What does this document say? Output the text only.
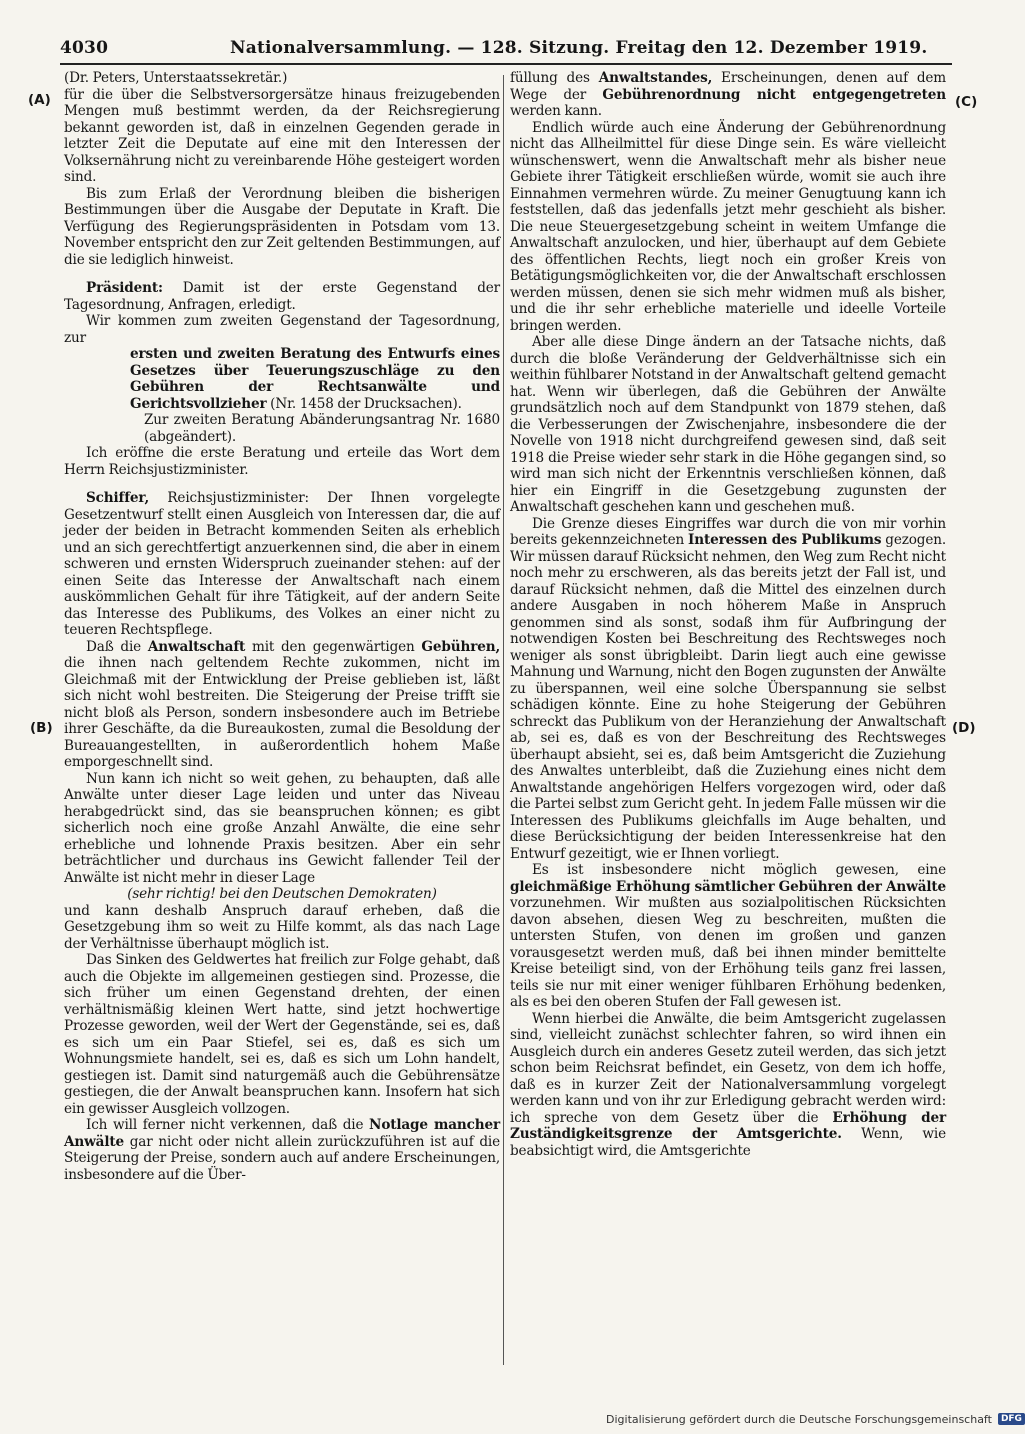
4030	Nationalversammlung. — 128. Sitzung. Freitag den 12. Dezember 1919.
(A)
(B)
(C)
(D)

(Dr. Peters, Unterstaatssekretär.)

für die über die Selbstversorgersätze hinaus freizugebenden Mengen muß bestimmt werden, da der Reichsregierung bekannt geworden ist, daß in einzelnen Gegenden gerade in letzter Zeit die Deputate auf eine mit den Interessen der Volksernährung nicht zu vereinbarende Höhe gesteigert worden sind.

Bis zum Erlaß der Verordnung bleiben die bisherigen Bestimmungen über die Ausgabe der Deputate in Kraft. Die Verfügung des Regierungspräsidenten in Potsdam vom 13. November entspricht den zur Zeit geltenden Bestimmungen, auf die sie lediglich hinweist.

Präsident: Damit ist der erste Gegenstand der Tagesordnung, Anfragen, erledigt.

Wir kommen zum zweiten Gegenstand der Tagesordnung, zur

ersten und zweiten Beratung des Entwurfs eines Gesetzes über Teuerungszuschläge zu den Gebühren der Rechtsanwälte und Gerichtsvollzieher (Nr. 1458 der Drucksachen).

Zur zweiten Beratung Abänderungsantrag Nr. 1680 (abgeändert).

Ich eröffne die erste Beratung und erteile das Wort dem Herrn Reichsjustizminister.

Schiffer, Reichsjustizminister: Der Ihnen vorgelegte Gesetzentwurf stellt einen Ausgleich von Interessen dar, die auf jeder der beiden in Betracht kommenden Seiten als erheblich und an sich gerechtfertigt anzuerkennen sind, die aber in einem schweren und ernsten Widerspruch zueinander stehen: auf der einen Seite das Interesse der Anwaltschaft nach einem auskömmlichen Gehalt für ihre Tätigkeit, auf der andern Seite das Interesse des Publikums, des Volkes an einer nicht zu teueren Rechtspflege.

Daß die Anwaltschaft mit den gegenwärtigen Gebühren, die ihnen nach geltendem Rechte zukommen, nicht im Gleichmaß mit der Entwicklung der Preise geblieben ist, läßt sich nicht wohl bestreiten. Die Steigerung der Preise trifft sie nicht bloß als Person, sondern insbesondere auch im Betriebe ihrer Geschäfte, da die Bureaukosten, zumal die Besoldung der Bureauangestellten, in außerordentlich hohem Maße emporgeschnellt sind.

Nun kann ich nicht so weit gehen, zu behaupten, daß alle Anwälte unter dieser Lage leiden und unter das Niveau herabgedrückt sind, das sie beanspruchen können; es gibt sicherlich noch eine große Anzahl Anwälte, die eine sehr erhebliche und lohnende Praxis besitzen. Aber ein sehr beträchtlicher und durchaus ins Gewicht fallender Teil der Anwälte ist nicht mehr in dieser Lage

(sehr richtig! bei den Deutschen Demokraten)

und kann deshalb Anspruch darauf erheben, daß die Gesetzgebung ihm so weit zu Hilfe kommt, als das nach Lage der Verhältnisse überhaupt möglich ist.

Das Sinken des Geldwertes hat freilich zur Folge gehabt, daß auch die Objekte im allgemeinen gestiegen sind. Prozesse, die sich früher um einen Gegenstand drehten, der einen verhältnismäßig kleinen Wert hatte, sind jetzt hochwertige Prozesse geworden, weil der Wert der Gegenstände, sei es, daß es sich um ein Paar Stiefel, sei es, daß es sich um Wohnungsmiete handelt, sei es, daß es sich um Lohn handelt, gestiegen ist. Damit sind naturgemäß auch die Gebührensätze gestiegen, die der Anwalt beanspruchen kann. Insofern hat sich ein gewisser Ausgleich vollzogen.

Ich will ferner nicht verkennen, daß die Notlage mancher Anwälte gar nicht oder nicht allein zurückzuführen ist auf die Steigerung der Preise, sondern auch auf andere Erscheinungen, insbesondere auf die Über-

füllung des Anwaltstandes, Erscheinungen, denen auf dem Wege der Gebührenordnung nicht entgegengetreten werden kann.

Endlich würde auch eine Änderung der Gebührenordnung nicht das Allheilmittel für diese Dinge sein. Es wäre vielleicht wünschenswert, wenn die Anwaltschaft mehr als bisher neue Gebiete ihrer Tätigkeit erschließen würde, womit sie auch ihre Einnahmen vermehren würde. Zu meiner Genugtuung kann ich feststellen, daß das jedenfalls jetzt mehr geschieht als bisher. Die neue Steuergesetzgebung scheint in weitem Umfange die Anwaltschaft anzulocken, und hier, überhaupt auf dem Gebiete des öffentlichen Rechts, liegt noch ein großer Kreis von Betätigungsmöglichkeiten vor, die der Anwaltschaft erschlossen werden müssen, denen sie sich mehr widmen muß als bisher, und die ihr sehr erhebliche materielle und ideelle Vorteile bringen werden.

Aber alle diese Dinge ändern an der Tatsache nichts, daß durch die bloße Veränderung der Geldverhältnisse sich ein weithin fühlbarer Notstand in der Anwaltschaft geltend gemacht hat. Wenn wir überlegen, daß die Gebühren der Anwälte grundsätzlich noch auf dem Standpunkt von 1879 stehen, daß die Verbesserungen der Zwischenjahre, insbesondere die der Novelle von 1918 nicht durchgreifend gewesen sind, daß seit 1918 die Preise wieder sehr stark in die Höhe gegangen sind, so wird man sich nicht der Erkenntnis verschließen können, daß hier ein Eingriff in die Gesetzgebung zugunsten der Anwaltschaft geschehen kann und geschehen muß.

Die Grenze dieses Eingriffes war durch die von mir vorhin bereits gekennzeichneten Interessen des Publikums gezogen. Wir müssen darauf Rücksicht nehmen, den Weg zum Recht nicht noch mehr zu erschweren, als das bereits jetzt der Fall ist, und darauf Rücksicht nehmen, daß die Mittel des einzelnen durch andere Ausgaben in noch höherem Maße in Anspruch genommen sind als sonst, sodaß ihm für Aufbringung der notwendigen Kosten bei Beschreitung des Rechtsweges noch weniger als sonst übrigbleibt. Darin liegt auch eine gewisse Mahnung und Warnung, nicht den Bogen zugunsten der Anwälte zu überspannen, weil eine solche Überspannung sie selbst schädigen könnte. Eine zu hohe Steigerung der Gebühren schreckt das Publikum von der Heranziehung der Anwaltschaft ab, sei es, daß es von der Beschreitung des Rechtsweges überhaupt absieht, sei es, daß beim Amtsgericht die Zuziehung des Anwaltes unterbleibt, daß die Zuziehung eines nicht dem Anwaltstande angehörigen Helfers vorgezogen wird, oder daß die Partei selbst zum Gericht geht. In jedem Falle müssen wir die Interessen des Publikums gleichfalls im Auge behalten, und diese Berücksichtigung der beiden Interessenkreise hat den Entwurf gezeitigt, wie er Ihnen vorliegt.

Es ist insbesondere nicht möglich gewesen, eine gleichmäßige Erhöhung sämtlicher Gebühren der Anwälte vorzunehmen. Wir mußten aus sozialpolitischen Rücksichten davon absehen, diesen Weg zu beschreiten, mußten die untersten Stufen, von denen im großen und ganzen vorausgesetzt werden muß, daß bei ihnen minder bemittelte Kreise beteiligt sind, von der Erhöhung teils ganz frei lassen, teils sie nur mit einer weniger fühlbaren Erhöhung bedenken, als es bei den oberen Stufen der Fall gewesen ist.

Wenn hierbei die Anwälte, die beim Amtsgericht zugelassen sind, vielleicht zunächst schlechter fahren, so wird ihnen ein Ausgleich durch ein anderes Gesetz zuteil werden, das sich jetzt schon beim Reichsrat befindet, ein Gesetz, von dem ich hoffe, daß es in kurzer Zeit der Nationalversammlung vorgelegt werden kann und von ihr zur Erledigung gebracht werden wird: ich spreche von dem Gesetz über die Erhöhung der Zuständigkeitsgrenze der Amtsgerichte. Wenn, wie beabsichtigt wird, die Amtsgerichte

Digitalisierung gefördert durch die Deutsche Forschungsgemeinschaft	DFG
